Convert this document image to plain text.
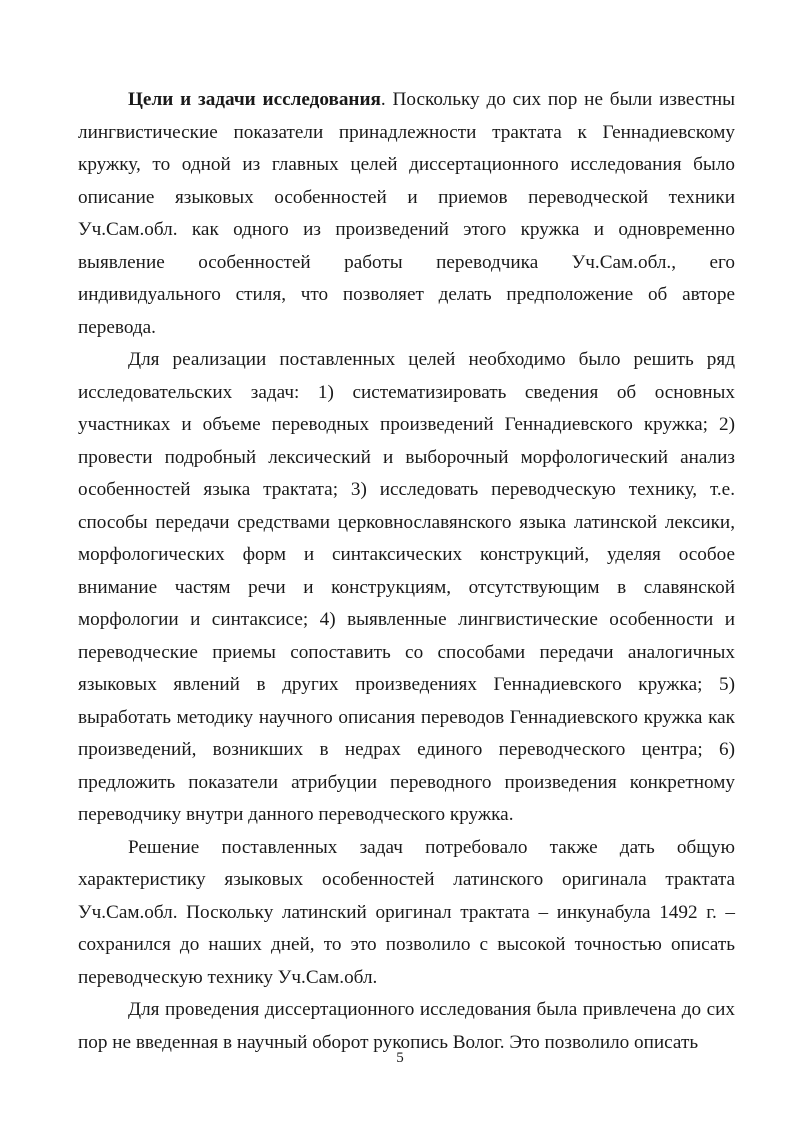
Цели и задачи исследования. Поскольку до сих пор не были известны лингвистические показатели принадлежности трактата к Геннадиевскому кружку, то одной из главных целей диссертационного исследования было описание языковых особенностей и приемов переводческой техники Уч.Сам.обл. как одного из произведений этого кружка и одновременно выявление особенностей работы переводчика Уч.Сам.обл., его индивидуального стиля, что позволяет делать предположение об авторе перевода.

Для реализации поставленных целей необходимо было решить ряд исследовательских задач: 1) систематизировать сведения об основных участниках и объеме переводных произведений Геннадиевского кружка; 2) провести подробный лексический и выборочный морфологический анализ особенностей языка трактата; 3) исследовать переводческую технику, т.е. способы передачи средствами церковнославянского языка латинской лексики, морфологических форм и синтаксических конструкций, уделяя особое внимание частям речи и конструкциям, отсутствующим в славянской морфологии и синтаксисе; 4) выявленные лингвистические особенности и переводческие приемы сопоставить со способами передачи аналогичных языковых явлений в других произведениях Геннадиевского кружка; 5) выработать методику научного описания переводов Геннадиевского кружка как произведений, возникших в недрах единого переводческого центра; 6) предложить показатели атрибуции переводного произведения конкретному переводчику внутри данного переводческого кружка.

Решение поставленных задач потребовало также дать общую характеристику языковых особенностей латинского оригинала трактата Уч.Сам.обл. Поскольку латинский оригинал трактата – инкунабула 1492 г. – сохранился до наших дней, то это позволило с высокой точностью описать переводческую технику Уч.Сам.обл.

Для проведения диссертационного исследования была привлечена до сих пор не введенная в научный оборот рукопись Волог. Это позволило описать

5
